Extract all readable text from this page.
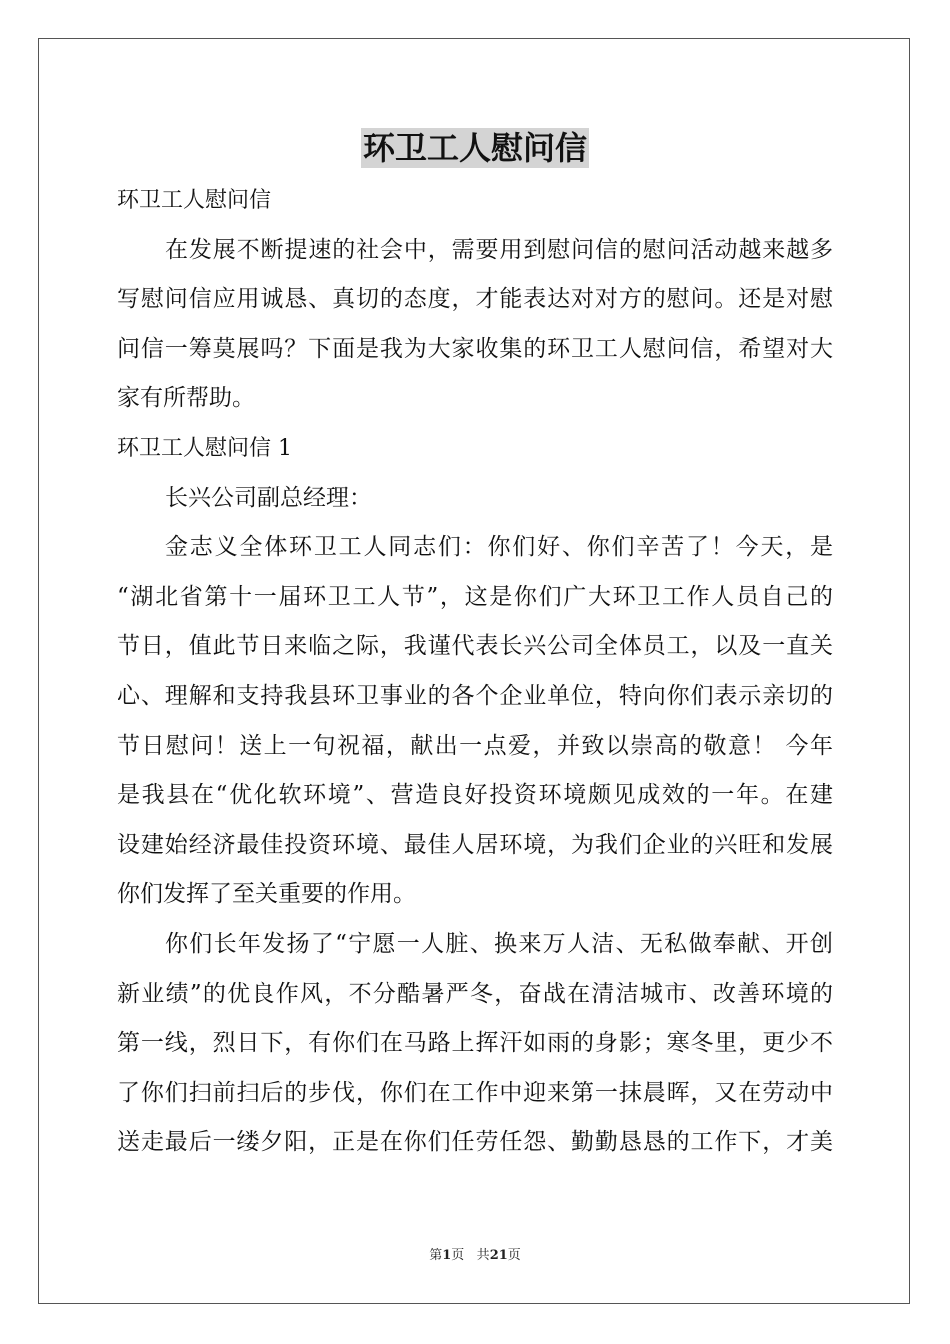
环卫工人慰问信
环卫工人慰问信
在发展不断提速的社会中，需要用到慰问信的慰问活动越来越多
写慰问信应用诚恳、真切的态度，才能表达对对方的慰问。还是对慰
问信一筹莫展吗？下面是我为大家收集的环卫工人慰问信，希望对大
家有所帮助。
环卫工人慰问信 1
长兴公司副总经理：
金志义全体环卫工人同志们：你们好、你们辛苦了！今天，是
“湖北省第十一届环卫工人节”，这是你们广大环卫工作人员自己的
节日，值此节日来临之际，我谨代表长兴公司全体员工，以及一直关
心、理解和支持我县环卫事业的各个企业单位，特向你们表示亲切的
节日慰问！送上一句祝福，献出一点爱，并致以崇高的敬意！ 今年
是我县在“优化软环境”、营造良好投资环境颇见成效的一年。在建
设建始经济最佳投资环境、最佳人居环境，为我们企业的兴旺和发展
你们发挥了至关重要的作用。
你们长年发扬了“宁愿一人脏、换来万人洁、无私做奉献、开创
新业绩”的优良作风，不分酷暑严冬，奋战在清洁城市、改善环境的
第一线，烈日下，有你们在马路上挥汗如雨的身影；寒冬里，更少不
了你们扫前扫后的步伐，你们在工作中迎来第一抹晨晖，又在劳动中
送走最后一缕夕阳，正是在你们任劳任怨、勤勤恳恳的工作下，才美
第1页 共21页
